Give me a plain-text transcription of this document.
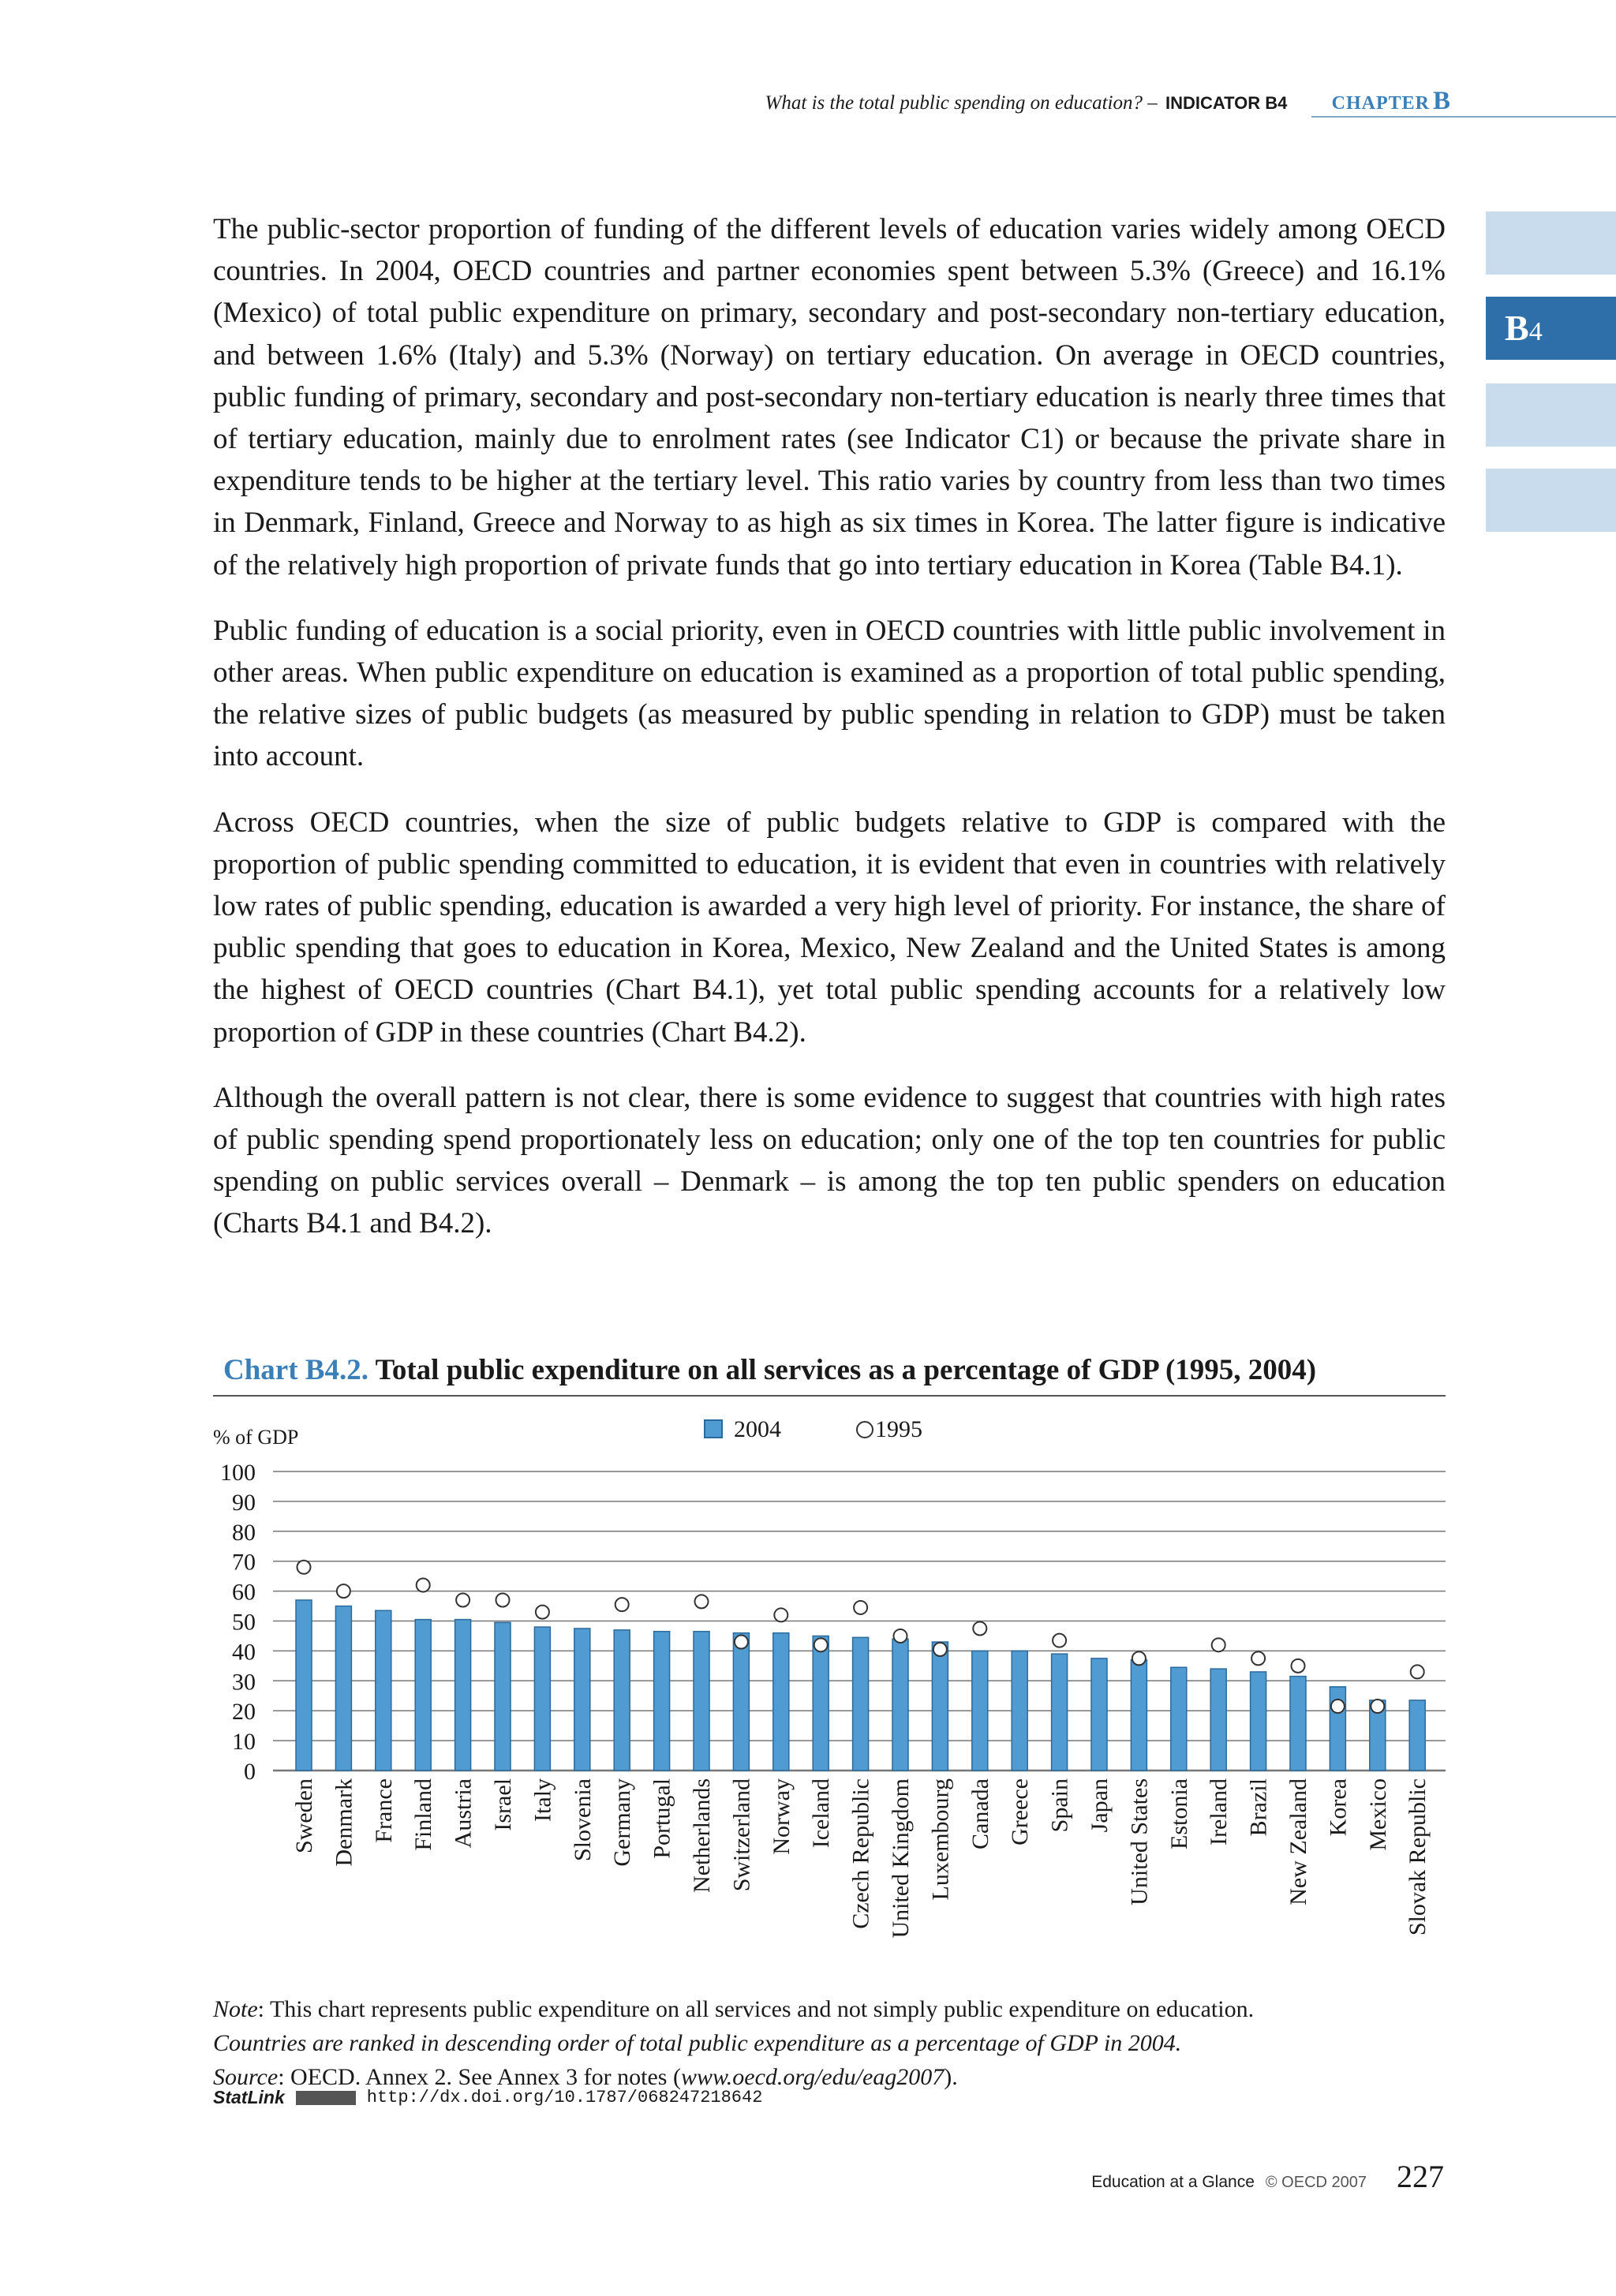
What is the total public spending on education? – INDICATOR B4 CHAPTER B
B4

The public-sector proportion of funding of the different levels of education varies widely among OECD countries. In 2004, OECD countries and partner economies spent between 5.3% (Greece) and 16.1% (Mexico) of total public expenditure on primary, secondary and post-secondary non-tertiary education, and between 1.6% (Italy) and 5.3% (Norway) on tertiary education. On average in OECD countries, public funding of primary, secondary and post-secondary non-tertiary education is nearly three times that of tertiary education, mainly due to enrolment rates (see Indicator C1) or because the private share in expenditure tends to be higher at the tertiary level. This ratio varies by country from less than two times in Denmark, Finland, Greece and Norway to as high as six times in Korea. The latter figure is indicative of the relatively high proportion of private funds that go into tertiary education in Korea (Table B4.1).

Public funding of education is a social priority, even in OECD countries with little public involvement in other areas. When public expenditure on education is examined as a proportion of total public spending, the relative sizes of public budgets (as measured by public spending in relation to GDP) must be taken into account.

Across OECD countries, when the size of public budgets relative to GDP is compared with the proportion of public spending committed to education, it is evident that even in countries with relatively low rates of public spending, education is awarded a very high level of priority. For instance, the share of public spending that goes to education in Korea, Mexico, New Zealand and the United States is among the highest of OECD countries (Chart B4.1), yet total public spending accounts for a relatively low proportion of GDP in these countries (Chart B4.2).

Although the overall pattern is not clear, there is some evidence to suggest that countries with high rates of public spending spend proportionately less on education; only one of the top ten countries for public spending on public services overall – Denmark – is among the top ten public spenders on education (Charts B4.1 and B4.2).

Chart B4.2. Total public expenditure on all services as a percentage of GDP (1995, 2004)
0
10
20
30
40
50
60
70
80
90
100
Sweden Denmark France Finland Austria Israel Italy Slovenia Germany Portugal Netherlands Switzerland Norway Iceland Czech Republic United Kingdom Luxembourg Canada Greece Spain Japan United States Estonia Ireland Brazil New Zealand Korea Mexico Slovak Republic
% of GDP	2004	1995
Note: This chart represents public expenditure on all services and not simply public expenditure on education.
Countries are ranked in descending order of total public expenditure as a percentage of GDP in 2004.
Source: OECD. Annex 2. See Annex 3 for notes (www.oecd.org/edu/eag2007).
StatLink	http://dx.doi.org/10.1787/068247218642
Education at a Glance © OECD 2007 227
